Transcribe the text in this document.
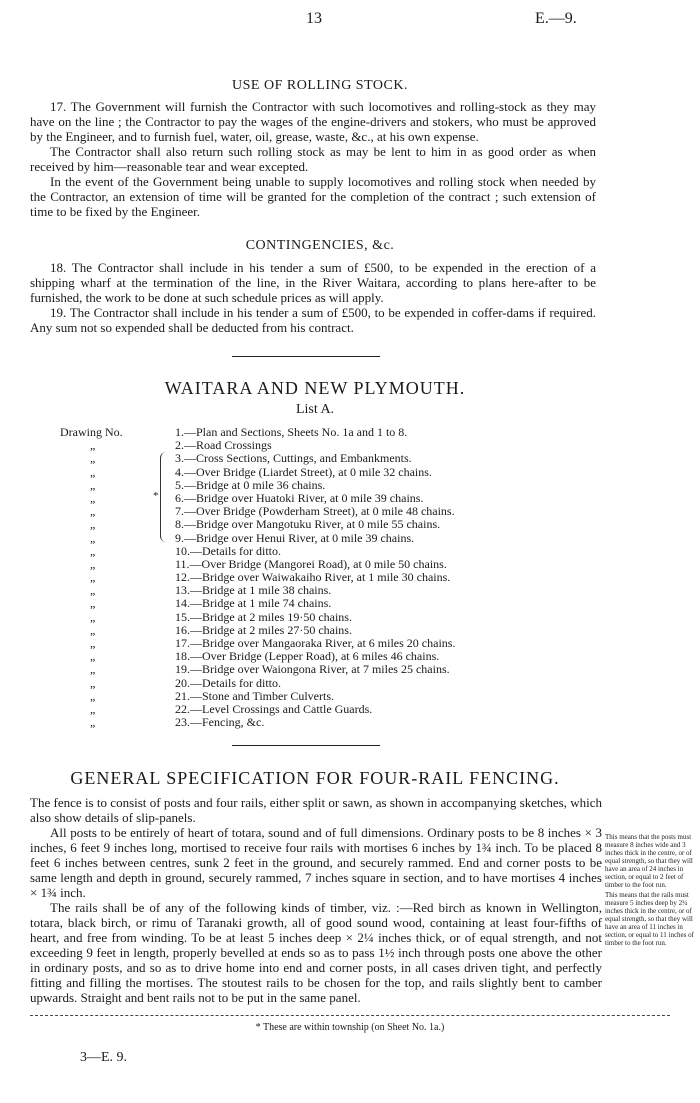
13	E.—9.
USE OF ROLLING STOCK.

17. The Government will furnish the Contractor with such locomotives and rolling-stock as they may have on the line ; the Contractor to pay the wages of the engine-drivers and stokers, who must be approved by the Engineer, and to furnish fuel, water, oil, grease, waste, &c., at his own expense.

The Contractor shall also return such rolling stock as may be lent to him in as good order as when received by him—reasonable tear and wear excepted.

In the event of the Government being unable to supply locomotives and rolling stock when needed by the Contractor, an extension of time will be granted for the completion of the contract ; such extension of time to be fixed by the Engineer.

CONTINGENCIES, &c.

18. The Contractor shall include in his tender a sum of £500, to be expended in the erection of a shipping wharf at the termination of the line, in the River Waitara, according to plans here-after to be furnished, the work to be done at such schedule prices as will apply.

19. The Contractor shall include in his tender a sum of £500, to be expended in coffer-dams if required. Any sum not so expended shall be deducted from his contract.

WAITARA AND NEW PLYMOUTH.
List A.
Drawing No.	1.—Plan and Sections, Sheets No. 1a and 1 to 8.
„	2.—Road Crossings
„	3.—Cross Sections, Cuttings, and Embankments.
„	4.—Over Bridge (Liardet Street), at 0 mile 32 chains.
„	5.—Bridge at 0 mile 36 chains.
„	6.—Bridge over Huatoki River, at 0 mile 39 chains.
„	7.—Over Bridge (Powderham Street), at 0 mile 48 chains.
„	8.—Bridge over Mangotuku River, at 0 mile 55 chains.
„	9.—Bridge over Henui River, at 0 mile 39 chains.
„	10.—Details for ditto.
„	11.—Over Bridge (Mangorei Road), at 0 mile 50 chains.
„	12.—Bridge over Waiwakaiho River, at 1 mile 30 chains.
„	13.—Bridge at 1 mile 38 chains.
„	14.—Bridge at 1 mile 74 chains.
„	15.—Bridge at 2 miles 19·50 chains.
„	16.—Bridge at 2 miles 27·50 chains.
„	17.—Bridge over Mangaoraka River, at 6 miles 20 chains.
„	18.—Over Bridge (Lepper Road), at 6 miles 46 chains.
„	19.—Bridge over Waiongona River, at 7 miles 25 chains.
„	20.—Details for ditto.
„	21.—Stone and Timber Culverts.
„	22.—Level Crossings and Cattle Guards.
„	23.—Fencing, &c.
*
GENERAL SPECIFICATION FOR FOUR-RAIL FENCING.

The fence is to consist of posts and four rails, either split or sawn, as shown in accompanying sketches, which also show details of slip-panels.

All posts to be entirely of heart of totara, sound and of full dimensions. Ordinary posts to be 8 inches × 3 inches, 6 feet 9 inches long, mortised to receive four rails with mortises 6 inches by 1¾ inch. To be placed 8 feet 6 inches between centres, sunk 2 feet in the ground, and securely rammed. End and corner posts to be same length and depth in ground, securely rammed, 7 inches square in section, and to have mortises 4 inches × 1¾ inch.

The rails shall be of any of the following kinds of timber, viz. :—Red birch as known in Wellington, totara, black birch, or rimu of Taranaki growth, all of good sound wood, containing at least four-fifths of heart, and free from winding. To be at least 5 inches deep × 2¼ inches thick, or of equal strength, and not exceeding 9 feet in length, properly bevelled at ends so as to pass 1½ inch through posts one above the other in ordinary posts, and so as to drive home into end and corner posts, in all cases driven tight, and perfectly fitting and filling the mortises. The stoutest rails to be chosen for the top, and rails slightly bent to camber upwards. Straight and bent rails not to be put in the same panel.

This means that the posts must measure 8 inches wide and 3 inches thick in the centre, or of equal strength, so that they will have an area of 24 inches in section, or equal to 2 feet of timber to the foot run.

This means that the rails must measure 5 inches deep by 2¼ inches thick in the centre, or of equal strength, so that they will have an area of 11 inches in section, or equal to 11 inches of timber to the foot run.

* These are within township (on Sheet No. 1a.)
3—E. 9.
